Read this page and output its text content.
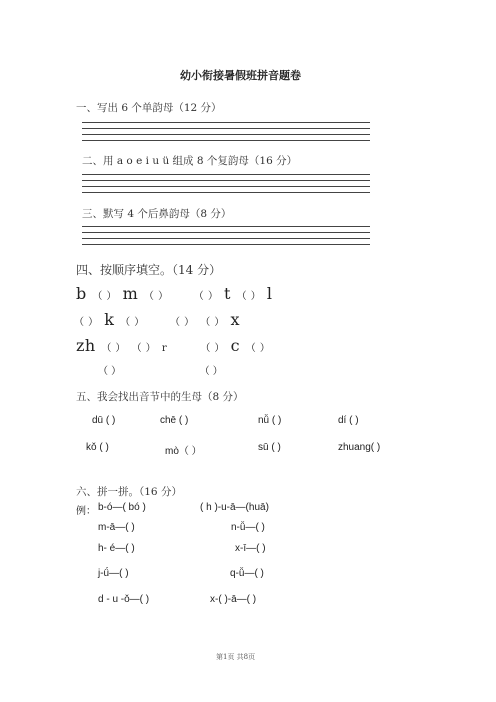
幼小衔接暑假班拼音题卷
一、写出 6 个单韵母（12 分）
二、用 a o e i u ü 组成 8 个复韵母（16 分）
三、默写 4 个后鼻韵母（8 分）
四、按顺序填空。（14 分）
b （ ） m （ ）	（ ） t （ ） l
（ ） k （ ）	（ ） （ ） x
zh （ ） （ ） r	（ ） c （ ）
（ ）	（ ）
五、我会找出音节中的生母（8 分）
dū ( )	chē ( )	nǚ ( )	dí ( )
kǒ ( )	mò（ ）	sū ( )	zhuang( )
六、拼一拼。（16 分）
例： b-ó—( bó )	( h )-u-ā—(huā)
m-ā—( )	n-ǚ—( )
h- é—( )	x-ī—( )
j-ǘ—( )	q-ǚ—( )
d - u -ǒ—( )	x-( )-ā—( )
第1页 共8页
